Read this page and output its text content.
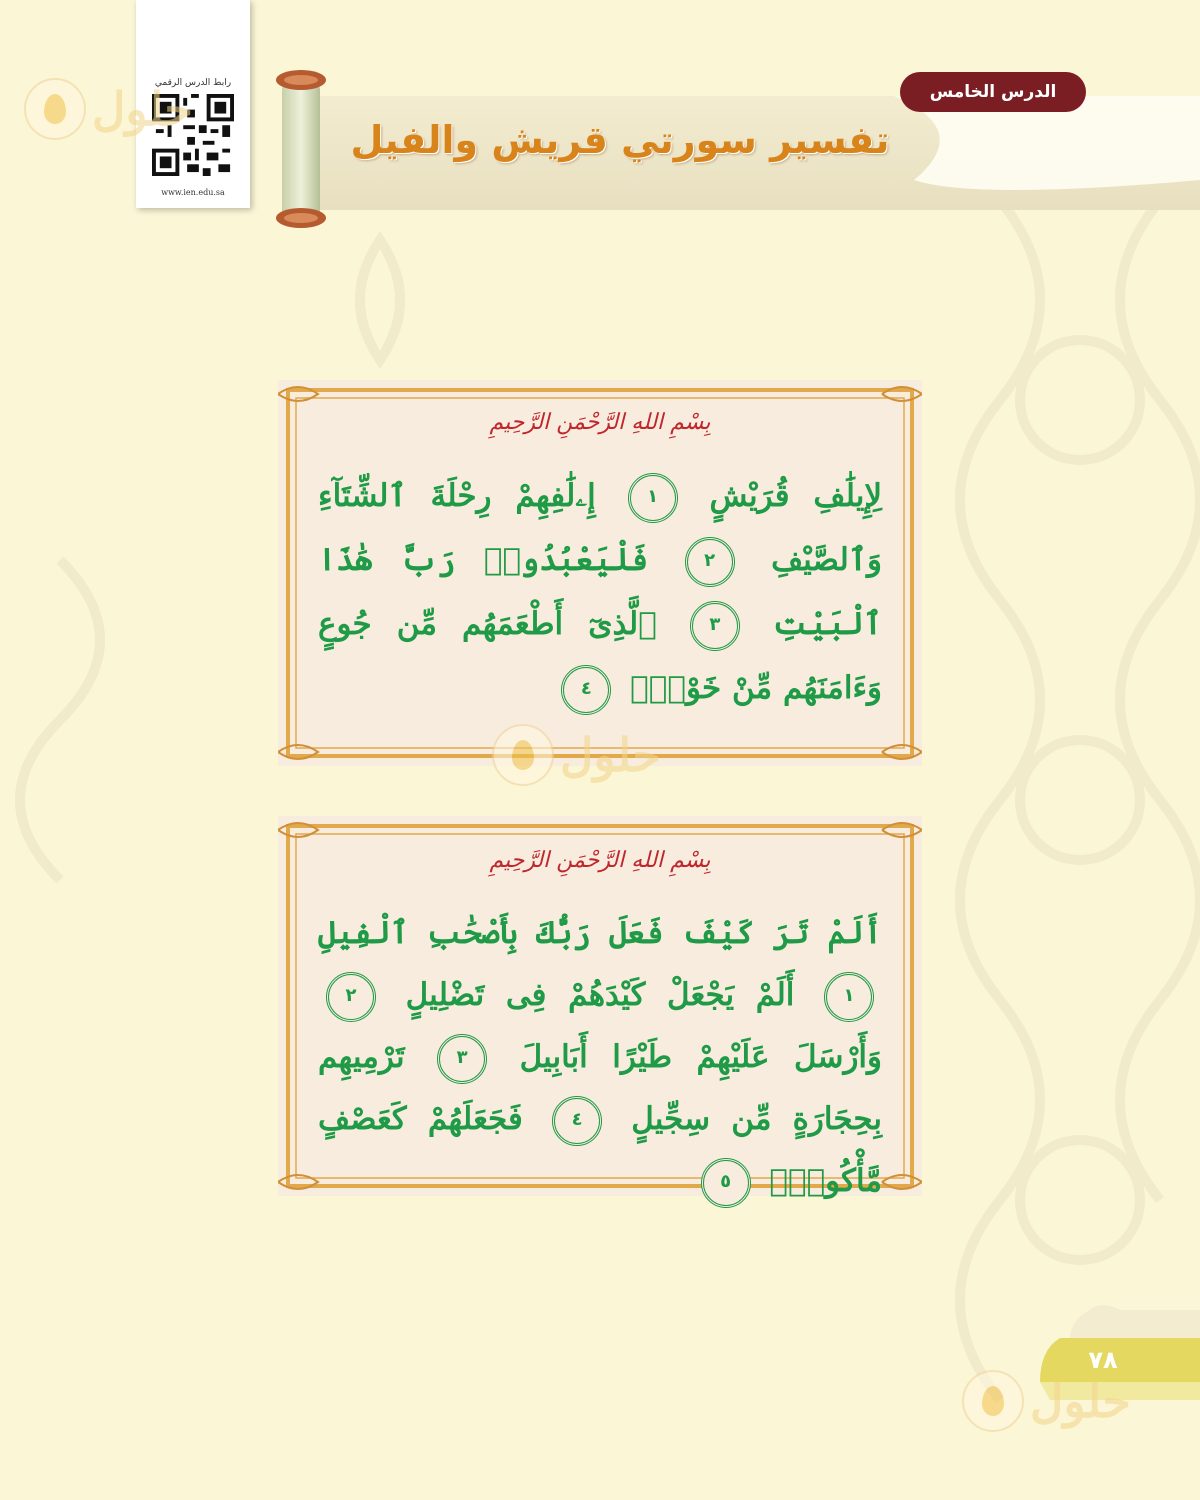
رابط الدرس الرقمي
www.ien.edu.sa
حلول	الدرس الخامس
تفسير سورتي قريش والفيل
بِسْمِ اللهِ الرَّحْمَنِ الرَّحِيمِ
لِإِيلَٰفِ قُرَيْشٍ ١ إِۦلَٰفِهِمْ رِحْلَةَ ٱلشِّتَآءِ وَٱلصَّيْفِ ٢ فَلْيَعْبُدُوا۟ رَبَّ هَٰذَا ٱلْبَيْتِ ٣ ٱلَّذِىٓ أَطْعَمَهُم مِّن جُوعٍ وَءَامَنَهُم مِّنْ خَوْفٍۭ ٤
حلول
بِسْمِ اللهِ الرَّحْمَنِ الرَّحِيمِ
أَلَمْ تَرَ كَيْفَ فَعَلَ رَبُّكَ بِأَصْحَٰبِ ٱلْفِيلِ ١ أَلَمْ يَجْعَلْ كَيْدَهُمْ فِى تَضْلِيلٍ ٢ وَأَرْسَلَ عَلَيْهِمْ طَيْرًا أَبَابِيلَ ٣ تَرْمِيهِم بِحِجَارَةٍ مِّن سِجِّيلٍ ٤ فَجَعَلَهُمْ كَعَصْفٍ مَّأْكُولٍۭ ٥
٧٨
حلول
